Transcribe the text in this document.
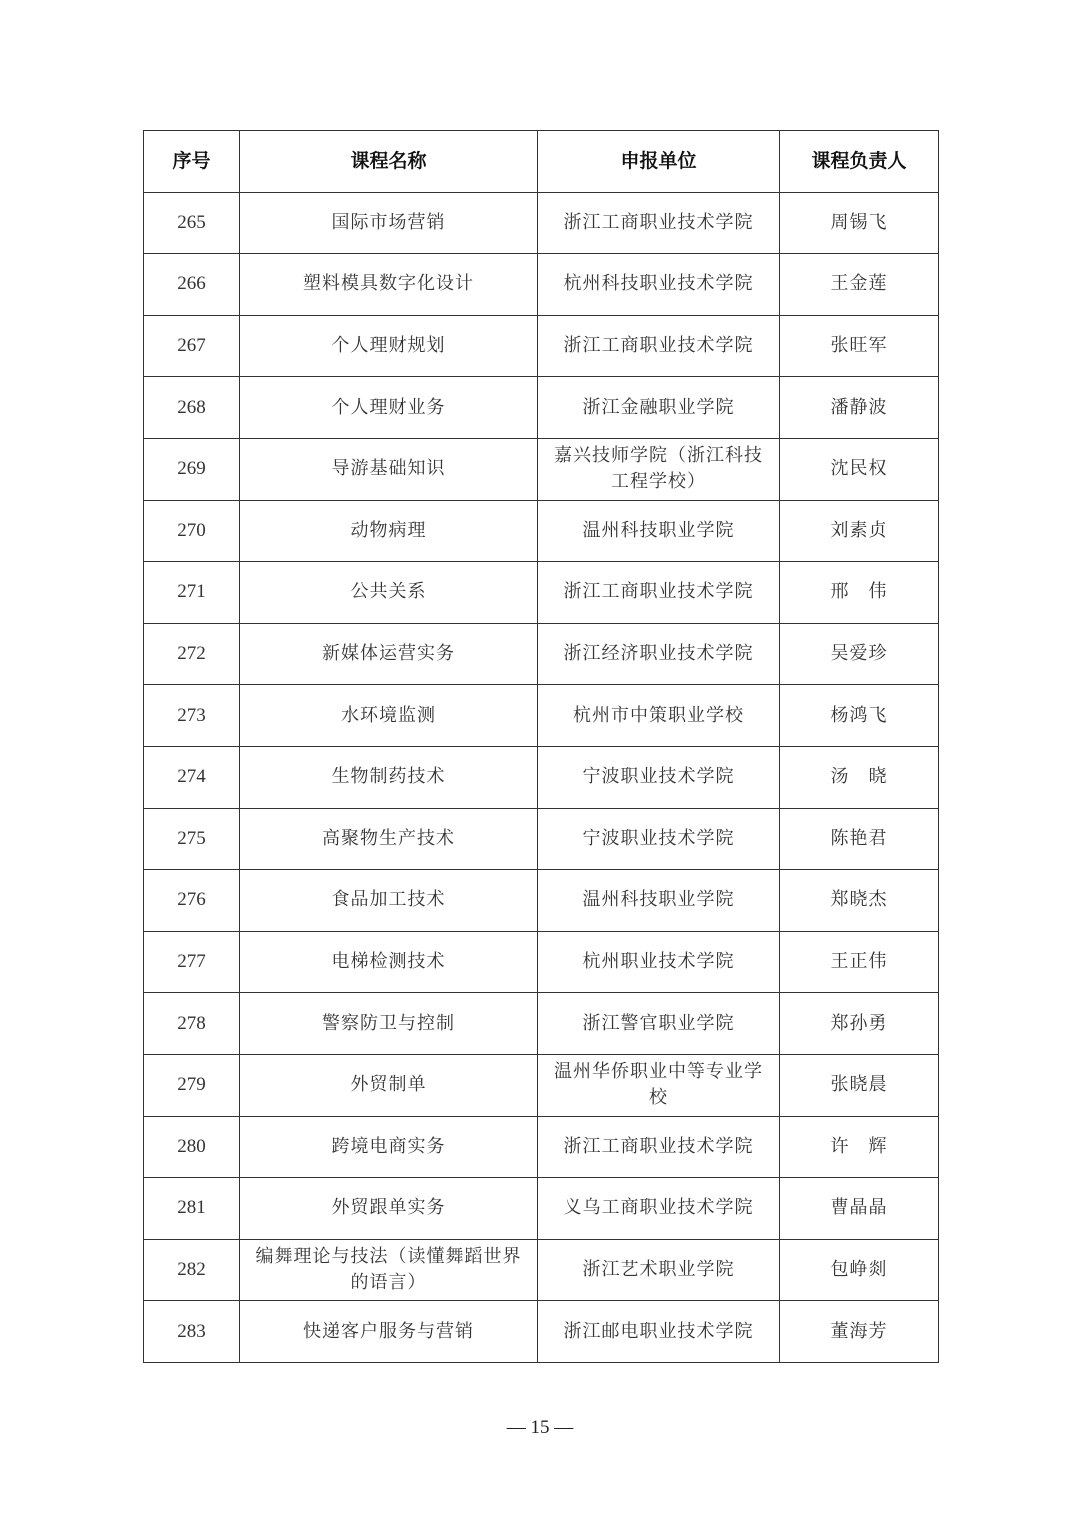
序号	课程名称	申报单位	课程负责人
265	国际市场营销	浙江工商职业技术学院	周锡飞
266	塑料模具数字化设计	杭州科技职业技术学院	王金莲
267	个人理财规划	浙江工商职业技术学院	张旺军
268	个人理财业务	浙江金融职业学院	潘静波
269	导游基础知识	嘉兴技师学院（浙江科技工程学校）	沈民权
270	动物病理	温州科技职业学院	刘素贞
271	公共关系	浙江工商职业技术学院	邢　伟
272	新媒体运营实务	浙江经济职业技术学院	吴爱珍
273	水环境监测	杭州市中策职业学校	杨鸿飞
274	生物制药技术	宁波职业技术学院	汤　晓
275	高聚物生产技术	宁波职业技术学院	陈艳君
276	食品加工技术	温州科技职业学院	郑晓杰
277	电梯检测技术	杭州职业技术学院	王正伟
278	警察防卫与控制	浙江警官职业学院	郑孙勇
279	外贸制单	温州华侨职业中等专业学校	张晓晨
280	跨境电商实务	浙江工商职业技术学院	许　辉
281	外贸跟单实务	义乌工商职业技术学院	曹晶晶
282	编舞理论与技法（读懂舞蹈世界的语言）	浙江艺术职业学院	包峥剡
283	快递客户服务与营销	浙江邮电职业技术学院	董海芳
— 15 —
